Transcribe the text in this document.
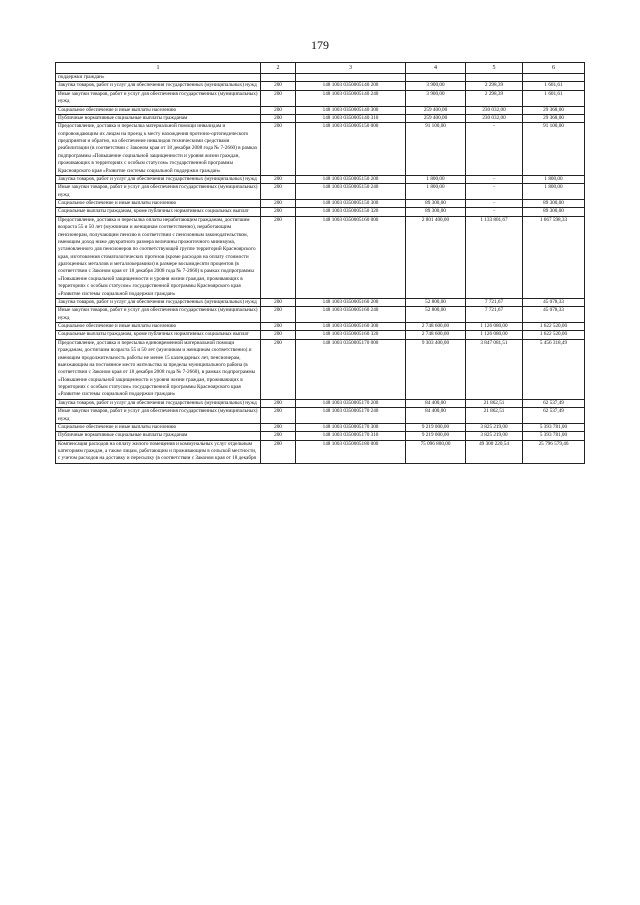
179
1	2	3	4	5	6
поддержки граждан»					
Закупка товаров, работ и услуг для обеспечения государственных (муниципальных) нужд	200	148 1003 0350005140 200	3 900,00	2 298,39	1 601,61
Иные закупки товаров, работ и услуг для обеспечения государственных (муниципальных) нужд	200	148 1003 0350005140 240	3 900,00	2 298,39	1 601,61
Социальное обеспечение и иные выплаты населению	200	148 1003 0350005140 300	259 400,00	230 032,00	29 368,00
Публичные нормативные социальные выплаты гражданам	200	148 1003 0350005140 310	259 400,00	230 032,00	29 368,00
Предоставление, доставка и пересылка материальной помощи инвалидам и сопровождающим их лицам на проезд к месту нахождения протезно-ортопедического предприятия и обратно, на обеспечение инвалидов техническими средствами реабилитации (в соответствии с Законом края от 18 декабря 2008 года № 7-2660) в рамках подпрограммы «Повышение социальной защищенности и уровня жизни граждан, проживающих в территориях с особым статусом» государственной программы Красноярского края «Развитие системы социальной поддержки граждан»	200	148 1003 0350005150 000	91 100,00	-	91 100,00
Закупка товаров, работ и услуг для обеспечения государственных (муниципальных) нужд	200	148 1003 0350005150 200	1 800,00	-	1 800,00
Иные закупки товаров, работ и услуг для обеспечения государственных (муниципальных) нужд	200	148 1003 0350005150 240	1 800,00	-	1 800,00
Социальное обеспечение и иные выплаты населению	200	148 1003 0350005150 300	89 300,00	-	89 300,00
Социальные выплаты гражданам, кроме публичных нормативных социальных выплат	200	148 1003 0350005150 320	89 300,00	-	89 300,00
Предоставление, доставка и пересылка оплаты неработающим гражданам, достигшим возраста 55 и 50 лет (мужчинам и женщинам соответственно), неработающим пенсионерам, получающим пенсию в соответствии с пенсионным законодательством, имеющим доход ниже двукратного размера величины прожиточного минимума, установленного для пенсионеров по соответствующей группе территорий Красноярского края, изготовления стоматологических протезов (кроме расходов на оплату стоимости драгоценных металлов и металлокерамики) в размере восьмидесяти процентов (в соответствии с Законом края от 18 декабря 2008 года № 7-2660) в рамках подпрограммы «Повышение социальной защищенности и уровня жизни граждан, проживающих в территориях с особым статусом» государственной программы Красноярского края «Развитие системы социальной поддержки граждан»	200	148 1003 0350005160 000	2 801 400,00	1 133 801,67	1 667 598,33
Закупка товаров, работ и услуг для обеспечения государственных (муниципальных) нужд	200	148 1003 0350005160 200	52 800,00	7 721,67	45 078,33
Иные закупки товаров, работ и услуг для обеспечения государственных (муниципальных) нужд	200	148 1003 0350005160 240	52 800,00	7 721,67	45 078,33
Социальное обеспечение и иные выплаты населению	200	148 1003 0350005160 300	2 748 600,00	1 126 080,00	1 622 520,00
Социальные выплаты гражданам, кроме публичных нормативных социальных выплат	200	148 1003 0350005160 320	2 748 600,00	1 126 080,00	1 622 520,00
Предоставление, доставка и пересылка единовременной материальной помощи гражданам, достигшим возраста 55 и 50 лет (мужчинам и женщинам соответственно) и имеющим продолжительность работы не менее 15 календарных лет, пенсионерам, выезжающим на постоянное место жительства за пределы муниципального района (в соответствии с Законом края от 18 декабря 2008 года № 7-2660), в рамках подпрограммы «Повышение социальной защищенности и уровня жизни граждан, проживающих в территориях с особым статусом» государственной программы Красноярского края «Развитие системы социальной поддержки граждан»	200	148 1003 0350005170 000	9 303 400,00	3 847 081,51	5 456 318,49
Закупка товаров, работ и услуг для обеспечения государственных (муниципальных) нужд	200	148 1003 0350005170 200	84 400,00	21 862,51	62 537,49
Иные закупки товаров, работ и услуг для обеспечения государственных (муниципальных) нужд	200	148 1003 0350005170 240	84 400,00	21 862,51	62 537,49
Социальное обеспечение и иные выплаты населению	200	148 1003 0350005170 300	9 219 000,00	3 825 219,00	5 393 781,00
Публичные нормативные социальные выплаты гражданам	200	148 1003 0350005170 310	9 219 000,00	3 825 219,00	5 393 781,00
Компенсация расходов на оплату жилого помещения и коммунальных услуг отдельным категориям граждан, а также лицам, работающим и проживающим в сельской местности, с учетом расходов на доставку и пересылку (в соответствии с Законом края от 18 декабря	200	148 1003 0350005180 000	75 096 800,00	49 300 220,54	25 796 579,46
